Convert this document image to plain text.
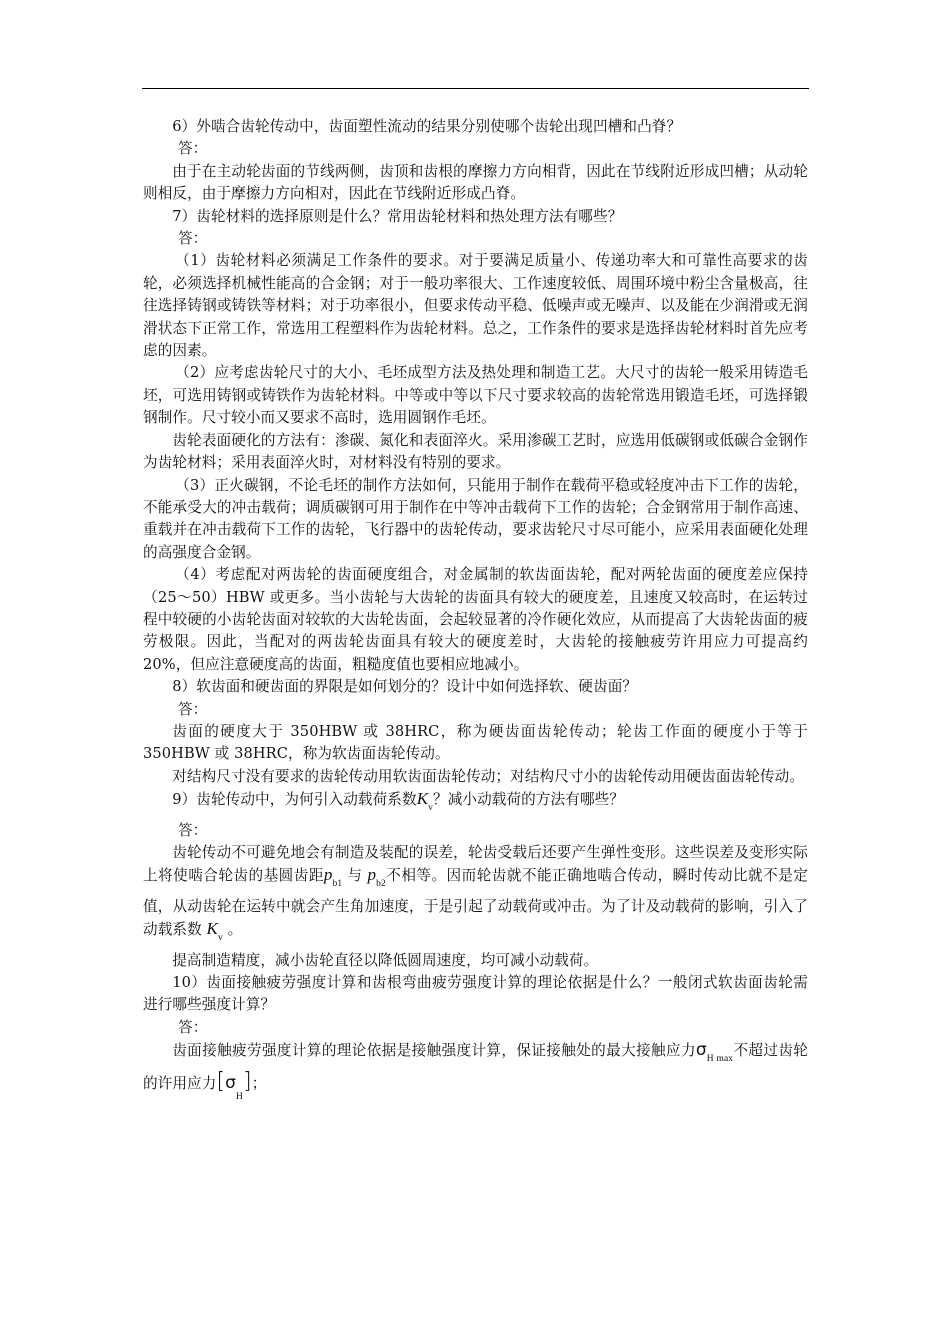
6）外啮合齿轮传动中，齿面塑性流动的结果分别使哪个齿轮出现凹槽和凸脊？

答：

由于在主动轮齿面的节线两侧，齿顶和齿根的摩擦力方向相背，因此在节线附近形成凹槽；从动轮则相反，由于摩擦力方向相对，因此在节线附近形成凸脊。

7）齿轮材料的选择原则是什么？常用齿轮材料和热处理方法有哪些？

答：

（1）齿轮材料必须满足工作条件的要求。对于要满足质量小、传递功率大和可靠性高要求的齿轮，必须选择机械性能高的合金钢；对于一般功率很大、工作速度较低、周围环境中粉尘含量极高，往往选择铸钢或铸铁等材料；对于功率很小，但要求传动平稳、低噪声或无噪声、以及能在少润滑或无润滑状态下正常工作，常选用工程塑料作为齿轮材料。总之，工作条件的要求是选择齿轮材料时首先应考虑的因素。

（2）应考虑齿轮尺寸的大小、毛坯成型方法及热处理和制造工艺。大尺寸的齿轮一般采用铸造毛坯，可选用铸钢或铸铁作为齿轮材料。中等或中等以下尺寸要求较高的齿轮常选用锻造毛坯，可选择锻钢制作。尺寸较小而又要求不高时，选用圆钢作毛坯。

齿轮表面硬化的方法有：渗碳、氮化和表面淬火。采用渗碳工艺时，应选用低碳钢或低碳合金钢作为齿轮材料；采用表面淬火时，对材料没有特别的要求。

（3）正火碳钢，不论毛坯的制作方法如何，只能用于制作在载荷平稳或轻度冲击下工作的齿轮，不能承受大的冲击载荷；调质碳钢可用于制作在中等冲击载荷下工作的齿轮；合金钢常用于制作高速、重载并在冲击载荷下工作的齿轮，飞行器中的齿轮传动，要求齿轮尺寸尽可能小，应采用表面硬化处理的高强度合金钢。

（4）考虑配对两齿轮的齿面硬度组合，对金属制的软齿面齿轮，配对两轮齿面的硬度差应保持（25～50）HBW 或更多。当小齿轮与大齿轮的齿面具有较大的硬度差，且速度又较高时，在运转过程中较硬的小齿轮齿面对较软的大齿轮齿面，会起较显著的冷作硬化效应，从而提高了大齿轮齿面的疲劳极限。因此，当配对的两齿轮齿面具有较大的硬度差时，大齿轮的接触疲劳许用应力可提高约 20%，但应注意硬度高的齿面，粗糙度值也要相应地减小。

8）软齿面和硬齿面的界限是如何划分的？设计中如何选择软、硬齿面？

答：

齿面的硬度大于 350HBW 或 38HRC，称为硬齿面齿轮传动；轮齿工作面的硬度小于等于 350HBW 或 38HRC，称为软齿面齿轮传动。

对结构尺寸没有要求的齿轮传动用软齿面齿轮传动；对结构尺寸小的齿轮传动用硬齿面齿轮传动。

9）齿轮传动中，为何引入动载荷系数$K_v$？减小动载荷的方法有哪些？

答：

齿轮传动不可避免地会有制造及装配的误差，轮齿受载后还要产生弹性变形。这些误差及变形实际上将使啮合轮齿的基圆齿距$p_{b1}$ 与 $p_{b2}$不相等。因而轮齿就不能正确地啮合传动，瞬时传动比就不是定值，从动齿轮在运转中就会产生角加速度，于是引起了动载荷或冲击。为了计及动载荷的影响，引入了动载系数 $K_v$ 。

提高制造精度，减小齿轮直径以降低圆周速度，均可减小动载荷。

10）齿面接触疲劳强度计算和齿根弯曲疲劳强度计算的理论依据是什么？一般闭式软齿面齿轮需进行哪些强度计算？

答：

齿面接触疲劳强度计算的理论依据是接触强度计算，保证接触处的最大接触应力$\sigma_{H max}$不超过齿轮的许用应力$[\sigma_H]$；
